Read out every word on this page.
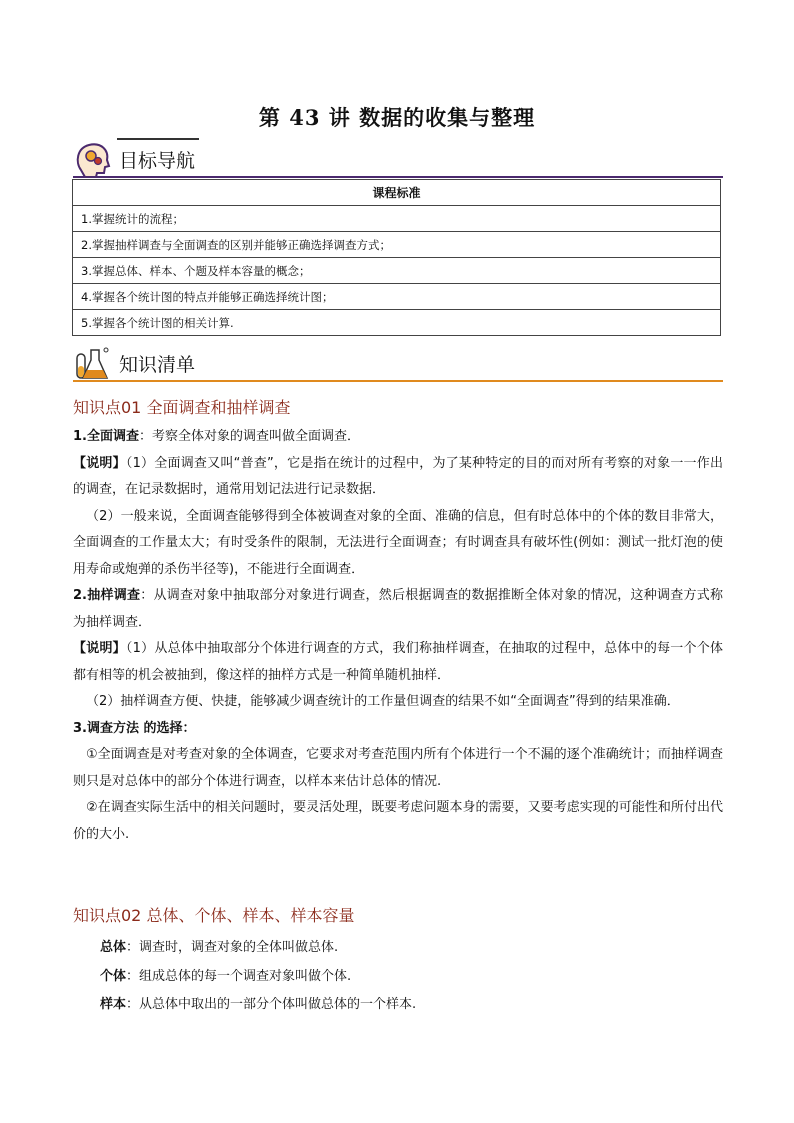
第 43 讲 数据的收集与整理
目标导航
课程标准
1.掌握统计的流程；
2.掌握抽样调查与全面调查的区别并能够正确选择调查方式；
3.掌握总体、样本、个题及样本容量的概念；
4.掌握各个统计图的特点并能够正确选择统计图；
5.掌握各个统计图的相关计算.
知识清单
知识点01 全面调查和抽样调查

1.全面调查：考察全体对象的调查叫做全面调查．

【说明】（1）全面调查又叫“普查”，它是指在统计的过程中，为了某种特定的目的而对所有考察的对象一一作出的调查，在记录数据时，通常用划记法进行记录数据．

（2）一般来说，全面调查能够得到全体被调查对象的全面、准确的信息，但有时总体中的个体的数目非常大，全面调查的工作量太大；有时受条件的限制，无法进行全面调查；有时调查具有破坏性(例如：测试一批灯泡的使用寿命或炮弹的杀伤半径等)，不能进行全面调查．

2.抽样调查：从调查对象中抽取部分对象进行调查，然后根据调查的数据推断全体对象的情况，这种调查方式称为抽样调查．

【说明】（1）从总体中抽取部分个体进行调查的方式，我们称抽样调查，在抽取的过程中，总体中的每一个个体都有相等的机会被抽到，像这样的抽样方式是一种简单随机抽样．

（2）抽样调查方便、快捷，能够减少调查统计的工作量但调查的结果不如“全面调查”得到的结果准确．

3.调查方法 的选择：

①全面调查是对考查对象的全体调查，它要求对考查范围内所有个体进行一个不漏的逐个准确统计；而抽样调查则只是对总体中的部分个体进行调查，以样本来估计总体的情况.

②在调查实际生活中的相关问题时，要灵活处理，既要考虑问题本身的需要，又要考虑实现的可能性和所付出代价的大小.

知识点02 总体、个体、样本、样本容量

总体：调查时，调查对象的全体叫做总体.

个体：组成总体的每一个调查对象叫做个体.

样本：从总体中取出的一部分个体叫做总体的一个样本.
